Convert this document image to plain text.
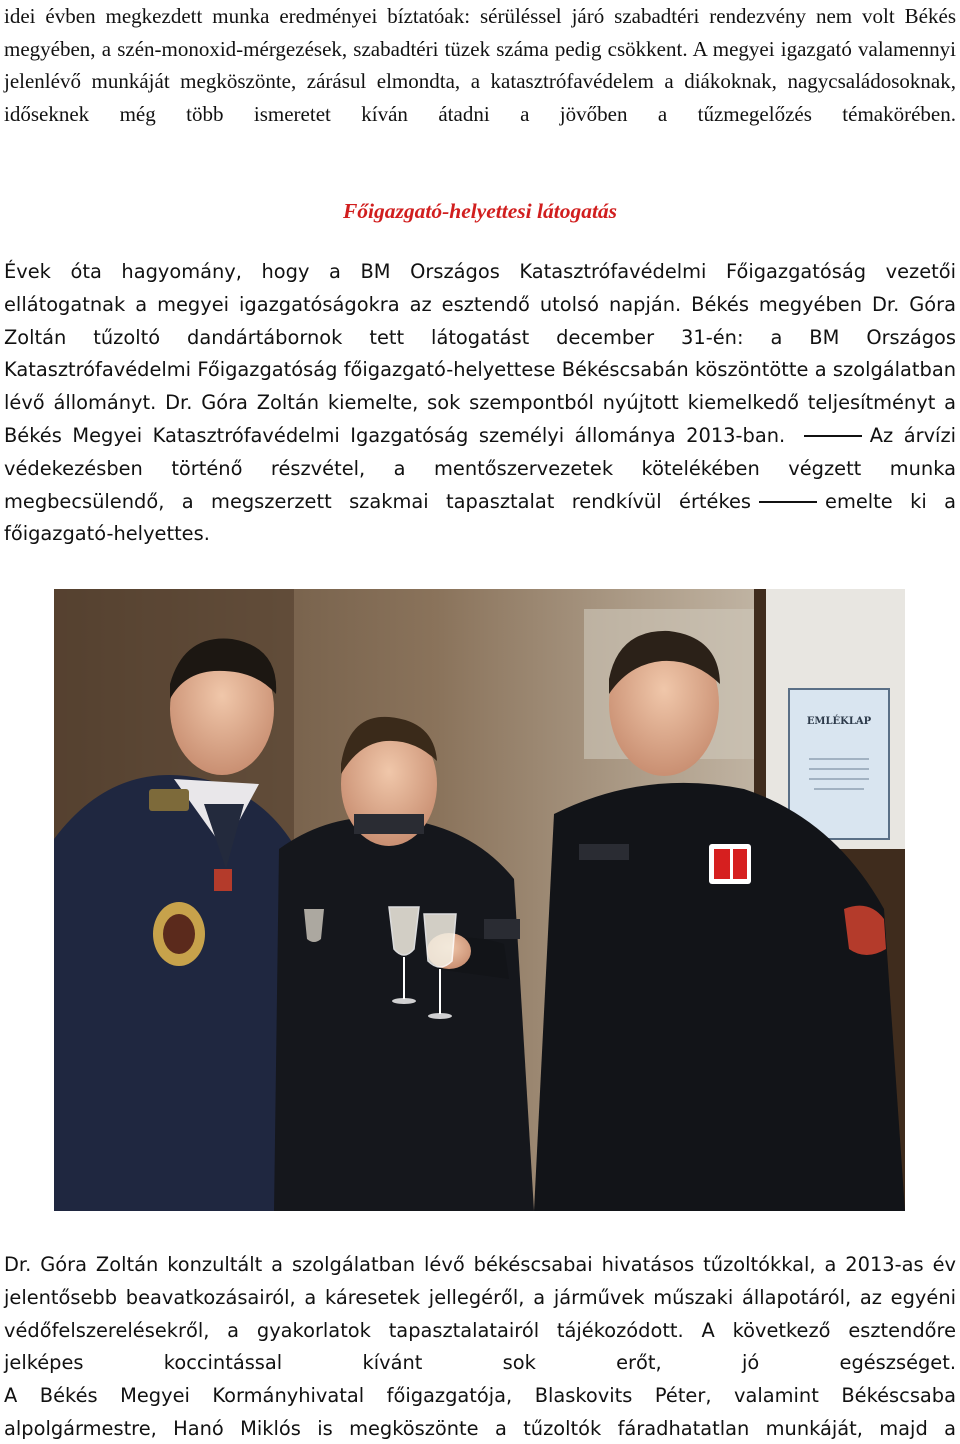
idei évben megkezdett munka eredményei bíztatóak: sérüléssel járó szabadtéri rendezvény nem volt Békés megyében, a szén-monoxid-mérgezések, szabadtéri tüzek száma pedig csökkent. A megyei igazgató valamennyi jelenlévő munkáját megköszönte, zárásul elmondta, a katasztrófavédelem a diákoknak, nagycsaládosoknak, időseknek még több ismeretet kíván átadni a jövőben a tűzmegelőzés témakörében.

Főigazgató-helyettesi látogatás

Évek óta hagyomány, hogy a BM Országos Katasztrófavédelmi Főigazgatóság vezetői ellátogatnak a megyei igazgatóságokra az esztendő utolsó napján. Békés megyében Dr. Góra Zoltán tűzoltó dandártábornok tett látogatást december 31-én: a BM Országos Katasztrófavédelmi Főigazgatóság főigazgató-helyettese Békéscsabán köszöntötte a szolgálatban lévő állományt. Dr. Góra Zoltán kiemelte, sok szempontból nyújtott kiemelkedő teljesítményt a Békés Megyei Katasztrófavédelmi Igazgatóság személyi állománya 2013-ban.	Az árvízi védekezésben történő részvétel, a mentőszervezetek kötelékében végzett munka megbecsülendő, a megszerzett szakmai tapasztalat rendkívül értékes	emelte ki a főigazgató-helyettes.

EMLÉKLAP

Dr. Góra Zoltán konzultált a szolgálatban lévő békéscsabai hivatásos tűzoltókkal, a 2013-as év jelentősebb beavatkozásairól, a káresetek jellegéről, a járművek műszaki állapotáról, az egyéni védőfelszerelésekről, a gyakorlatok tapasztalatairól tájékozódott. A következő esztendőre jelképes koccintással kívánt sok erőt, jó egészséget.

A Békés Megyei Kormányhivatal főigazgatója, Blaskovits Péter, valamint Békéscsaba alpolgármestre, Hanó Miklós is megköszönte a tűzoltók fáradhatatlan munkáját, majd a
